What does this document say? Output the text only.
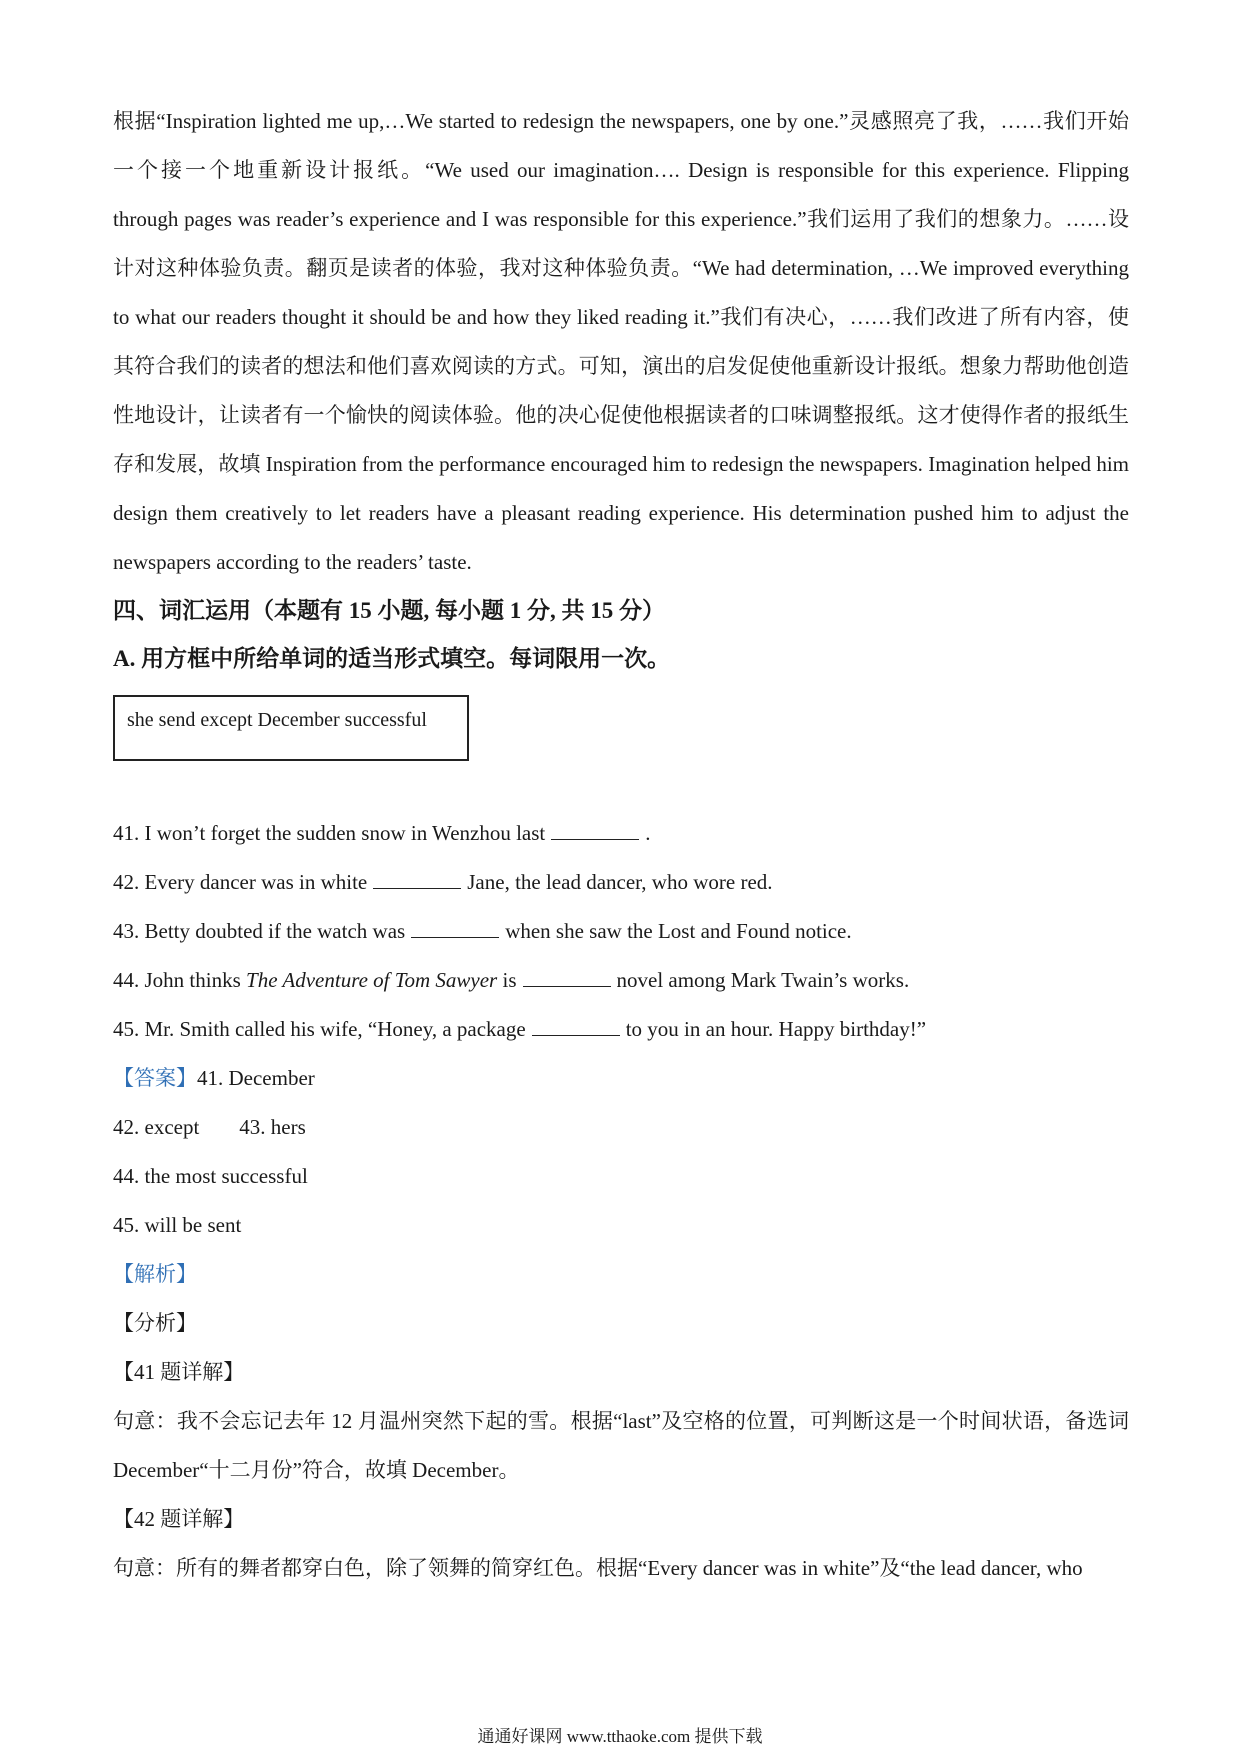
根据“Inspiration lighted me up,…We started to redesign the newspapers, one by one.”灵感照亮了我，……我们开始一个接一个地重新设计报纸。“We used our imagination…. Design is responsible for this experience. Flipping through pages was reader’s experience and I was responsible for this experience.”我们运用了我们的想象力。……设计对这种体验负责。翻页是读者的体验，我对这种体验负责。“We had determination, …We improved everything to what our readers thought it should be and how they liked reading it.”我们有决心，……我们改进了所有内容，使其符合我们的读者的想法和他们喜欢阅读的方式。可知，演出的启发促使他重新设计报纸。想象力帮助他创造性地设计，让读者有一个愉快的阅读体验。他的决心促使他根据读者的口味调整报纸。这才使得作者的报纸生存和发展，故填 Inspiration from the performance encouraged him to redesign the newspapers. Imagination helped him design them creatively to let readers have a pleasant reading experience. His determination pushed him to adjust the newspapers according to the readers’ taste.

四、词汇运用（本题有 15 小题, 每小题 1 分, 共 15 分）

A. 用方框中所给单词的适当形式填空。每词限用一次。

she send except December successful

41. I won’t forget the sudden snow in Wenzhou last	.

42. Every dancer was in white	Jane, the lead dancer, who wore red.

43. Betty doubted if the watch was	when she saw the Lost and Found notice.

44. John thinks The Adventure of Tom Sawyer is	novel among Mark Twain’s works.

45. Mr. Smith called his wife, “Honey, a package	to you in an hour. Happy birthday!”

【答案】41. December

42. except 43. hers

44. the most successful

45. will be sent

【解析】

【分析】

【41 题详解】

句意：我不会忘记去年 12 月温州突然下起的雪。根据“last”及空格的位置，可判断这是一个时间状语，备选词 December“十二月份”符合，故填 December。

【42 题详解】

句意：所有的舞者都穿白色，除了领舞的简穿红色。根据“Every dancer was in white”及“the lead dancer, who

通通好课网 www.tthaoke.com 提供下载
